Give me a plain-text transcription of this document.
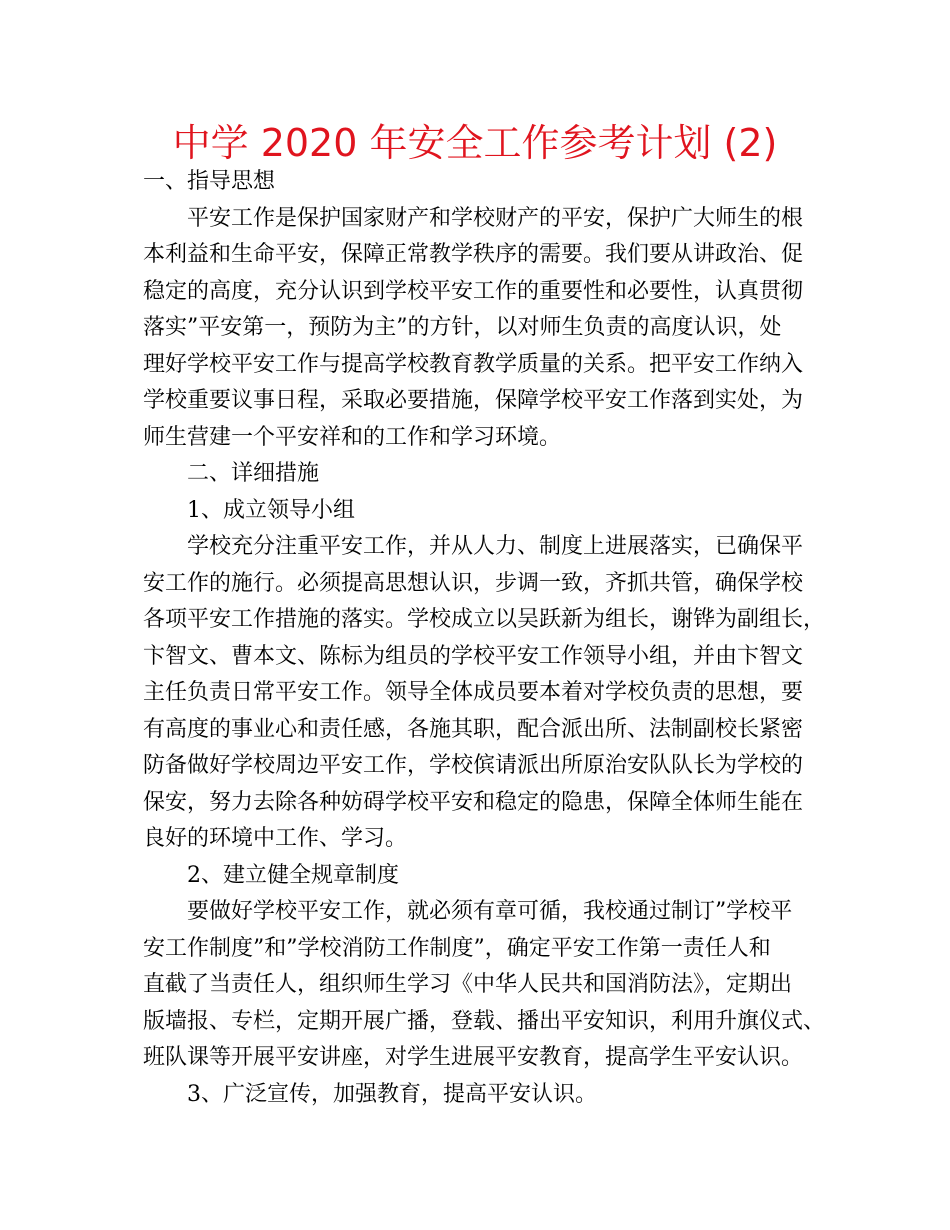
中学 2020 年安全工作参考计划 (2)

一、指导思想

平安工作是保护国家财产和学校财产的平安，保护广大师生的根

本利益和生命平安，保障正常教学秩序的需要。我们要从讲政治、促

稳定的高度，充分认识到学校平安工作的重要性和必要性，认真贯彻

落实”平安第一，预防为主”的方针，以对师生负责的高度认识，处

理好学校平安工作与提高学校教育教学质量的关系。把平安工作纳入

学校重要议事日程，采取必要措施，保障学校平安工作落到实处，为

师生营建一个平安祥和的工作和学习环境。

二、详细措施

1、成立领导小组

学校充分注重平安工作，并从人力、制度上进展落实，已确保平

安工作的施行。必须提高思想认识，步调一致，齐抓共管，确保学校

各项平安工作措施的落实。学校成立以吴跃新为组长，谢铧为副组长，

卞智文、曹本文、陈标为组员的学校平安工作领导小组，并由卞智文

主任负责日常平安工作。领导全体成员要本着对学校负责的思想，要

有高度的事业心和责任感，各施其职，配合派出所、法制副校长紧密

防备做好学校周边平安工作，学校傧请派出所原治安队队长为学校的

保安，努力去除各种妨碍学校平安和稳定的隐患，保障全体师生能在

良好的环境中工作、学习。

2、建立健全规章制度

要做好学校平安工作，就必须有章可循，我校通过制订”学校平

安工作制度”和”学校消防工作制度”，确定平安工作第一责任人和

直截了当责任人，组织师生学习《中华人民共和国消防法》，定期出

版墙报、专栏，定期开展广播，登载、播出平安知识，利用升旗仪式、

班队课等开展平安讲座，对学生进展平安教育，提高学生平安认识。

3、广泛宣传，加强教育，提高平安认识。
